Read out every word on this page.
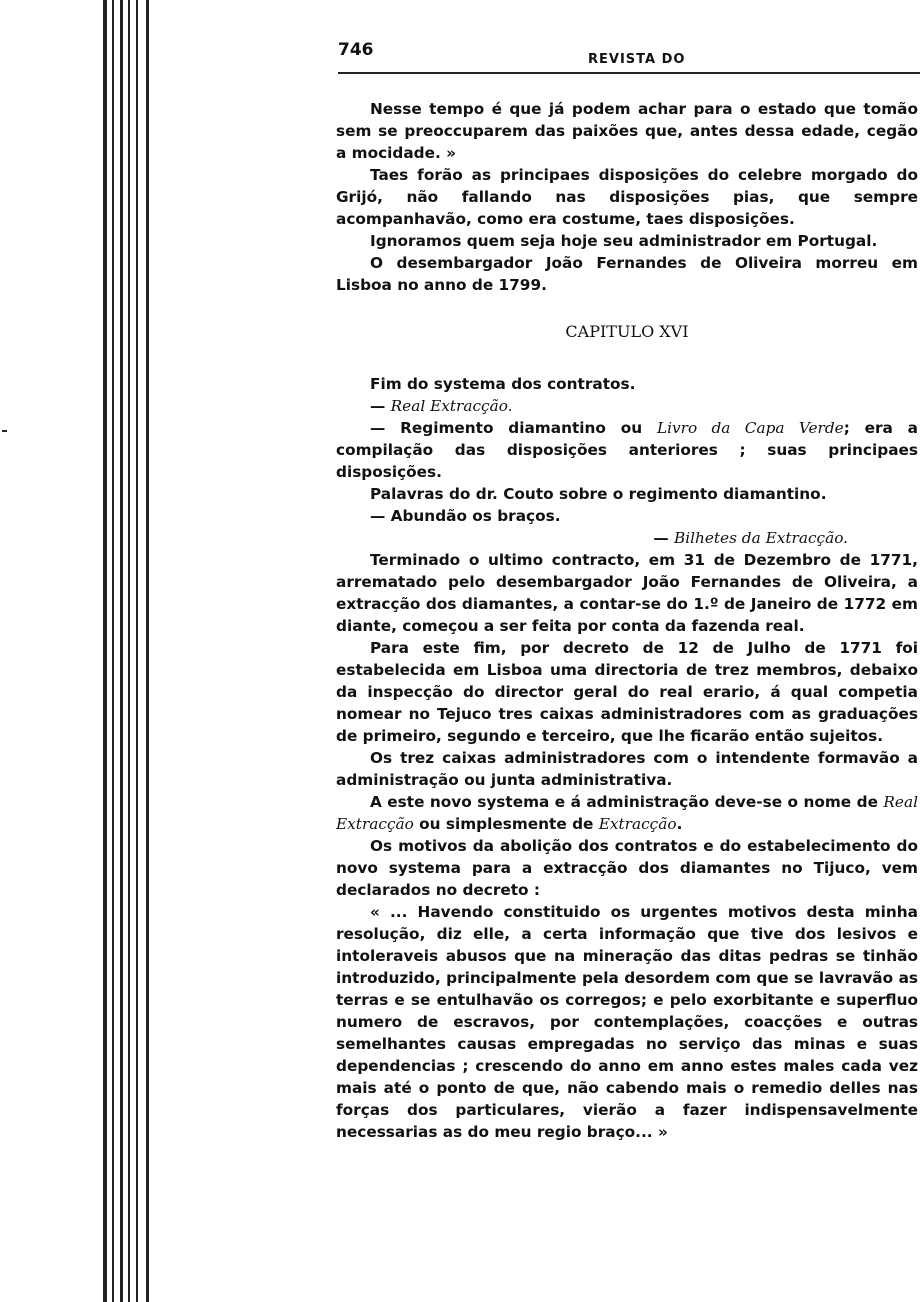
746	REVISTA DO

Nesse tempo é que já podem achar para o estado que tomão sem se preoccuparem das paixões que, antes dessa edade, cegão a mocidade. »

Taes forão as principaes disposições do celebre morgado do Grijó, não fallando nas disposições pias, que sempre acompanhavão, como era costume, taes disposições.

Ignoramos quem seja hoje seu administrador em Portugal.

O desembargador João Fernandes de Oliveira morreu em Lisboa no anno de 1799.

CAPITULO XVI

Fim do systema dos contratos.

— Real Extracção.

— Regimento diamantino ou Livro da Capa Verde; era a compilação das disposições anteriores ; suas principaes disposições.

Palavras do dr. Couto sobre o regimento diamantino.

— Abundão os braços.

— Bilhetes da Extracção.

Terminado o ultimo contracto, em 31 de Dezembro de 1771, arrematado pelo desembargador João Fernandes de Oliveira, a extracção dos diamantes, a contar-se do 1.º de Janeiro de 1772 em diante, começou a ser feita por conta da fazenda real.

Para este fim, por decreto de 12 de Julho de 1771 foi estabelecida em Lisboa uma directoria de trez membros, debaixo da inspecção do director geral do real erario, á qual competia nomear no Tejuco tres caixas administradores com as graduações de primeiro, segundo e terceiro, que lhe ficarão então sujeitos.

Os trez caixas administradores com o intendente formavão a administração ou junta administrativa.

A este novo systema e á administração deve-se o nome de Real Extracção ou simplesmente de Extracção.

Os motivos da abolição dos contratos e do estabelecimento do novo systema para a extracção dos diamantes no Tijuco, vem declarados no decreto :

« ... Havendo constituido os urgentes motivos desta minha resolução, diz elle, a certa informação que tive dos lesivos e intoleraveis abusos que na mineração das ditas pedras se tinhão introduzido, principalmente pela desordem com que se lavravão as terras e se entulhavão os corregos; e pelo exorbitante e superfluo numero de escravos, por contemplações, coacções e outras semelhantes causas empregadas no serviço das minas e suas dependencias ; crescendo do anno em anno estes males cada vez mais até o ponto de que, não cabendo mais o remedio delles nas forças dos particulares, vierão a fazer indispensavelmente necessarias as do meu regio braço... »
